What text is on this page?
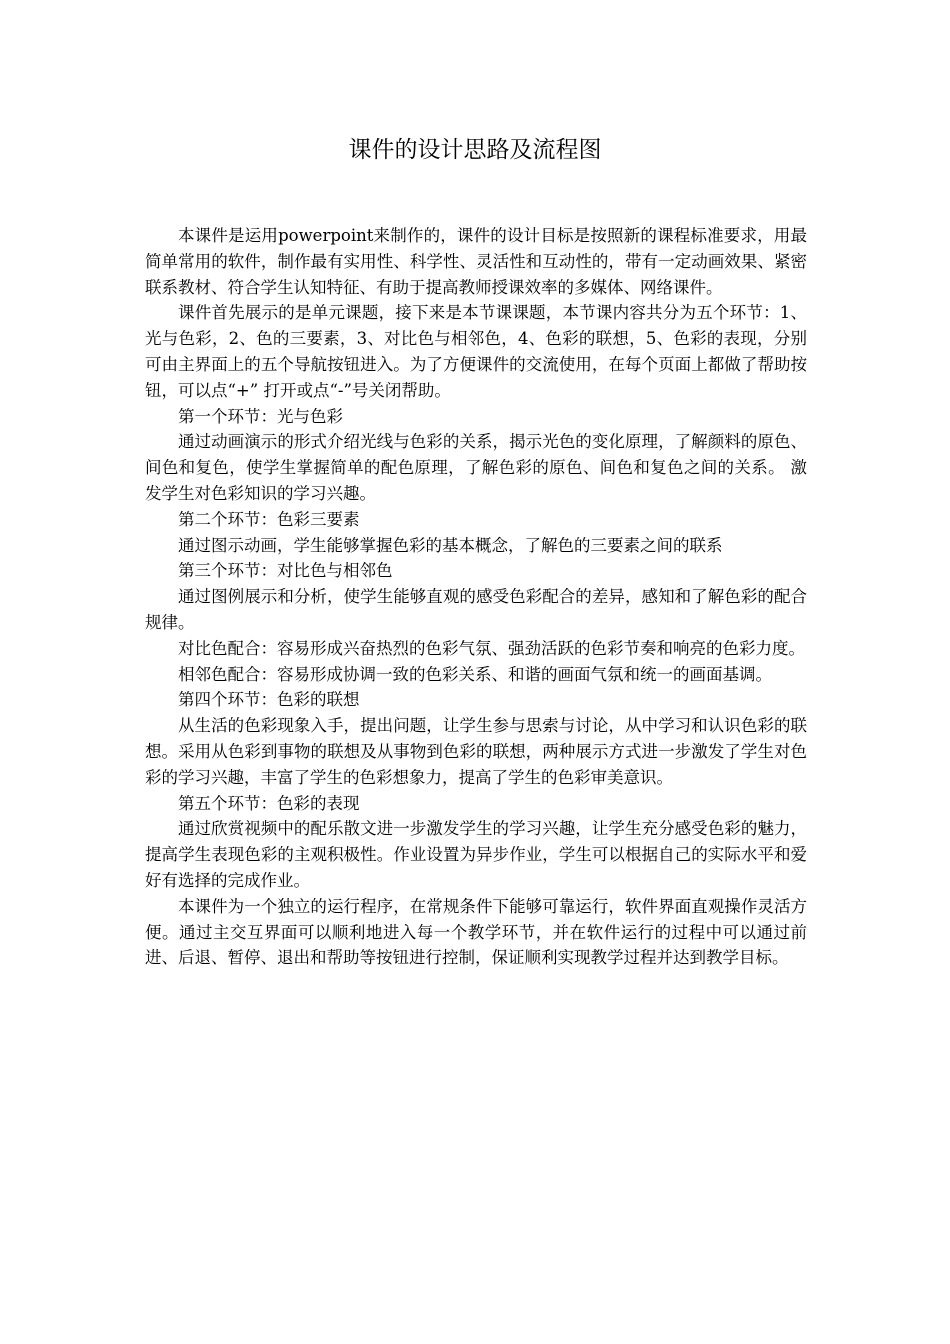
课件的设计思路及流程图

本课件是运用powerpoint来制作的，课件的设计目标是按照新的课程标准要求，用最简单常用的软件，制作最有实用性、科学性、灵活性和互动性的，带有一定动画效果、紧密联系教材、符合学生认知特征、有助于提高教师授课效率的多媒体、网络课件。

课件首先展示的是单元课题，接下来是本节课课题，本节课内容共分为五个环节：1、光与色彩，2、色的三要素，3、对比色与相邻色，4、色彩的联想，5、色彩的表现，分别可由主界面上的五个导航按钮进入。为了方便课件的交流使用，在每个页面上都做了帮助按钮，可以点“+” 打开或点“-”号关闭帮助。

第一个环节：光与色彩

通过动画演示的形式介绍光线与色彩的关系，揭示光色的变化原理，了解颜料的原色、间色和复色，使学生掌握简单的配色原理，了解色彩的原色、间色和复色之间的关系。 激发学生对色彩知识的学习兴趣。

第二个环节：色彩三要素

通过图示动画，学生能够掌握色彩的基本概念，了解色的三要素之间的联系

第三个环节：对比色与相邻色

通过图例展示和分析，使学生能够直观的感受色彩配合的差异，感知和了解色彩的配合规律。

对比色配合：容易形成兴奋热烈的色彩气氛、强劲活跃的色彩节奏和响亮的色彩力度。

相邻色配合：容易形成协调一致的色彩关系、和谐的画面气氛和统一的画面基调。

第四个环节：色彩的联想

从生活的色彩现象入手，提出问题，让学生参与思索与讨论，从中学习和认识色彩的联想。采用从色彩到事物的联想及从事物到色彩的联想，两种展示方式进一步激发了学生对色彩的学习兴趣，丰富了学生的色彩想象力，提高了学生的色彩审美意识。

第五个环节：色彩的表现

通过欣赏视频中的配乐散文进一步激发学生的学习兴趣，让学生充分感受色彩的魅力，提高学生表现色彩的主观积极性。作业设置为异步作业，学生可以根据自己的实际水平和爱好有选择的完成作业。

本课件为一个独立的运行程序，在常规条件下能够可靠运行，软件界面直观操作灵活方便。通过主交互界面可以顺利地进入每一个教学环节，并在软件运行的过程中可以通过前进、后退、暂停、退出和帮助等按钮进行控制，保证顺利实现教学过程并达到教学目标。
